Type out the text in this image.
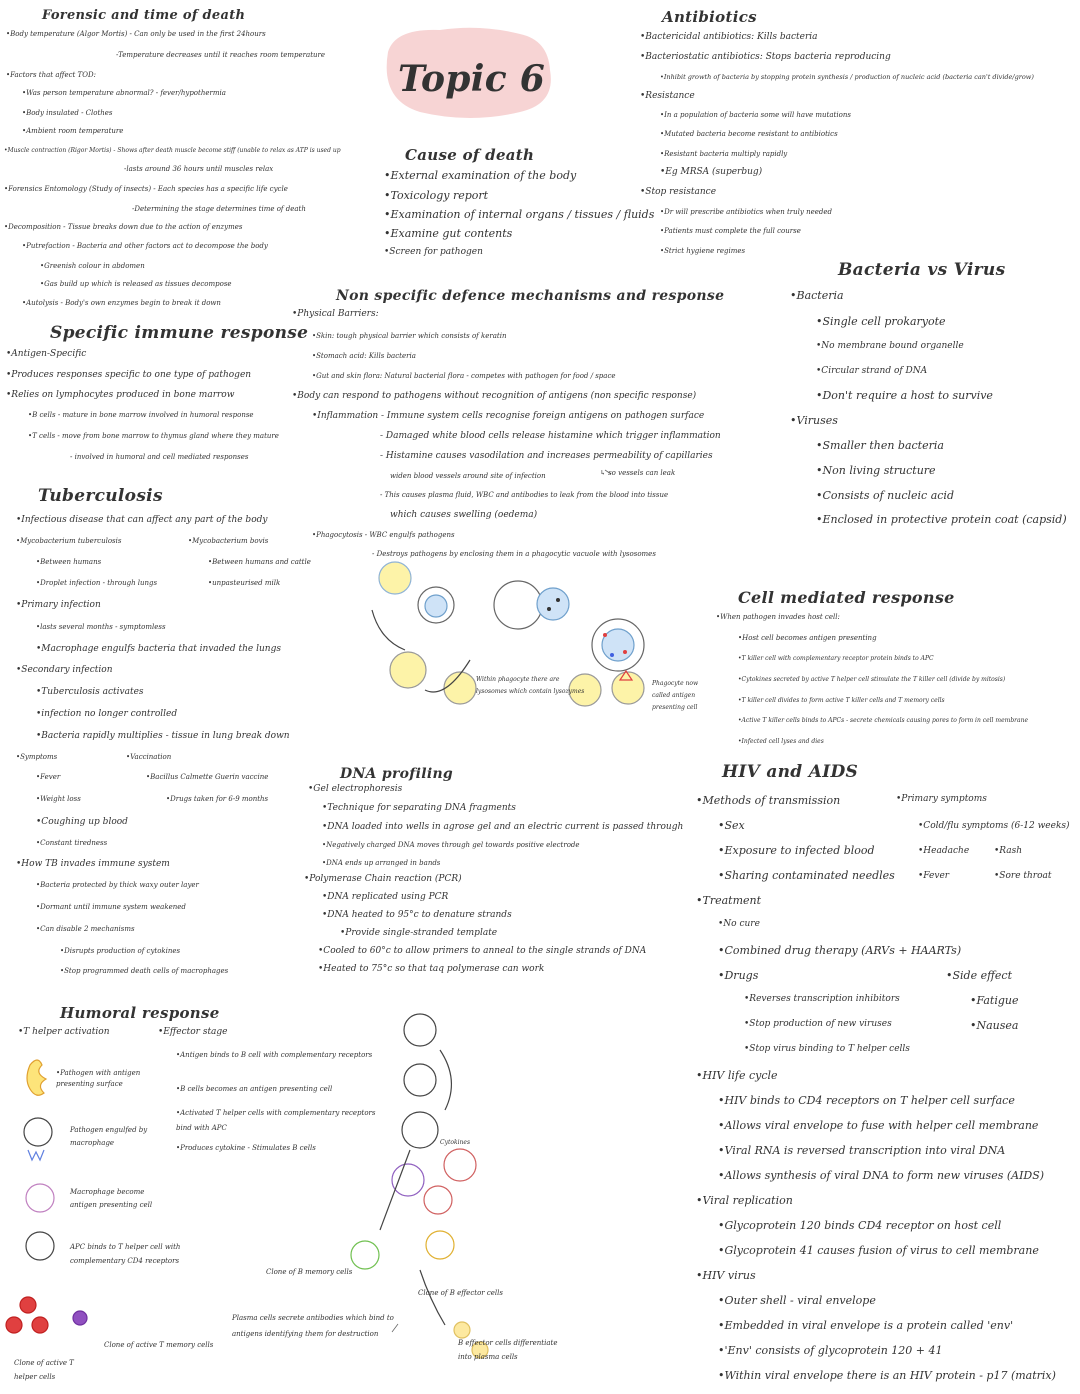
Topic 6
Forensic and time of death
•Body temperature (Algor Mortis) - Can only be used in the first 24hours
-Temperature decreases until it reaches room temperature
•Factors that affect TOD:
•Was person temperature abnormal? - fever/hypothermia
•Body insulated - Clothes
•Ambient room temperature
•Muscle contraction (Rigor Mortis) - Shows after death muscle become stiff (unable to relax as ATP is used up
-lasts around 36 hours until muscles relax
•Forensics Entomology (Study of insects) - Each species has a specific life cycle
-Determining the stage determines time of death
•Decomposition - Tissue breaks down due to the action of enzymes
•Putrefaction - Bacteria and other factors act to decompose the body
•Greenish colour in abdomen
•Gas build up which is released as tissues decompose
•Autolysis - Body's own enzymes begin to break it down
Specific immune response
•Antigen-Specific
•Produces responses specific to one type of pathogen
•Relies on lymphocytes produced in bone marrow
•B cells - mature in bone marrow involved in humoral response
•T cells - move from bone marrow to thymus gland where they mature
- involved in humoral and cell mediated responses
Tuberculosis
•Infectious disease that can affect any part of the body
•Mycobacterium tuberculosis	•Mycobacterium bovis
•Between humans	•Between humans and cattle
•Droplet infection - through lungs	•unpasteurised milk
•Primary infection
•lasts several months - symptomless
•Macrophage engulfs bacteria that invaded the lungs
•Secondary infection
•Tuberculosis activates
•infection no longer controlled
•Bacteria rapidly multiplies - tissue in lung break down
•Symptoms	•Vaccination
•Fever	•Bacillus Calmette Guerin vaccine
•Weight loss	•Drugs taken for 6-9 months
•Coughing up blood
•Constant tiredness
•How TB invades immune system
•Bacteria protected by thick waxy outer layer
•Dormant until immune system weakened
•Can disable 2 mechanisms
•Disrupts production of cytokines
•Stop programmed death cells of macrophages
Humoral response
•T helper activation	•Effector stage
•Pathogen with antigen presenting surface
•Antigen binds to B cell with complementary receptors
•B cells becomes an antigen presenting cell
•Activated T helper cells with complementary receptors bind with APC
•Produces cytokine - Stimulates B cells
Pathogen engulfed by macrophage
Macrophage become antigen presenting cell
APC binds to T helper cell with complementary CD4 receptors
Clone of active T helper cells
Clone of active T memory cells
Clone of B memory cells
Clone of B effector cells
Cytokines
Plasma cells secrete antibodies which bind to antigens identifying them for destruction
B effector cells differentiate into plasma cells
Cause of death
•External examination of the body
•Toxicology report
•Examination of internal organs / tissues / fluids
•Examine gut contents
•Screen for pathogen
Non specific defence mechanisms and response
•Physical Barriers:
•Skin: tough physical barrier which consists of keratin
•Stomach acid: Kills bacteria
•Gut and skin flora: Natural bacterial flora - competes with pathogen for food / space
•Body can respond to pathogens without recognition of antigens (non specific response)
•Inflammation - Immune system cells recognise foreign antigens on pathogen surface
- Damaged white blood cells release histamine which trigger inflammation
- Histamine causes vasodilation and increases permeability of capillaries
widen blood vessels around site of infection	↳ so vessels can leak
- This causes plasma fluid, WBC and antibodies to leak from the blood into tissue
which causes swelling (oedema)
•Phagocytosis - WBC engulfs pathogens
- Destroys pathogens by enclosing them in a phagocytic vacuole with lysosomes
Within phagocyte there are lysosomes which contain lysozymes
Phagocyte now called antigen presenting cell
DNA profiling
•Gel electrophoresis
•Technique for separating DNA fragments
•DNA loaded into wells in agrose gel and an electric current is passed through
•Negatively charged DNA moves through gel towards positive electrode
•DNA ends up arranged in bands
•Polymerase Chain reaction (PCR)
•DNA replicated using PCR
•DNA heated to 95°c to denature strands
•Provide single-stranded template
•Cooled to 60°c to allow primers to anneal to the single strands of DNA
•Heated to 75°c so that taq polymerase can work
Antibiotics
•Bactericidal antibiotics: Kills bacteria
•Bacteriostatic antibiotics: Stops bacteria reproducing
•Inhibit growth of bacteria by stopping protein synthesis / production of nucleic acid (bacteria can't divide/grow)
•Resistance
•In a population of bacteria some will have mutations
•Mutated bacteria become resistant to antibiotics
•Resistant bacteria multiply rapidly
•Eg MRSA (superbug)
•Stop resistance
•Dr will prescribe antibiotics when truly needed
•Patients must complete the full course
•Strict hygiene regimes
Bacteria vs Virus
•Bacteria
•Single cell prokaryote
•No membrane bound organelle
•Circular strand of DNA
•Don't require a host to survive
•Viruses
•Smaller then bacteria
•Non living structure
•Consists of nucleic acid
•Enclosed in protective protein coat (capsid)
Cell mediated response
•When pathogen invades host cell:
•Host cell becomes antigen presenting
•T killer cell with complementary receptor protein binds to APC
•Cytokines secreted by active T helper cell stimulate the T killer cell (divide by mitosis)
•T killer cell divides to form active T killer cells and T memory cells
•Active T killer cells binds to APCs - secrete chemicals causing pores to form in cell membrane
•Infected cell lyses and dies
HIV and AIDS
•Methods of transmission	•Primary symptoms
•Sex	•Cold/flu symptoms (6-12 weeks)
•Exposure to infected blood	•Headache	•Rash
•Sharing contaminated needles	•Fever	•Sore throat
•Treatment
•No cure
•Combined drug therapy (ARVs + HAARTs)
•Drugs	•Side effect
•Reverses transcription inhibitors	•Fatigue
•Stop production of new viruses	•Nausea
•Stop virus binding to T helper cells
•HIV life cycle
•HIV binds to CD4 receptors on T helper cell surface
•Allows viral envelope to fuse with helper cell membrane
•Viral RNA is reversed transcription into viral DNA
•Allows synthesis of viral DNA to form new viruses (AIDS)
•Viral replication
•Glycoprotein 120 binds CD4 receptor on host cell
•Glycoprotein 41 causes fusion of virus to cell membrane
•HIV virus
•Outer shell - viral envelope
•Embedded in viral envelope is a protein called 'env'
•'Env' consists of glycoprotein 120 + 41
•Within viral envelope there is an HIV protein - p17 (matrix)
